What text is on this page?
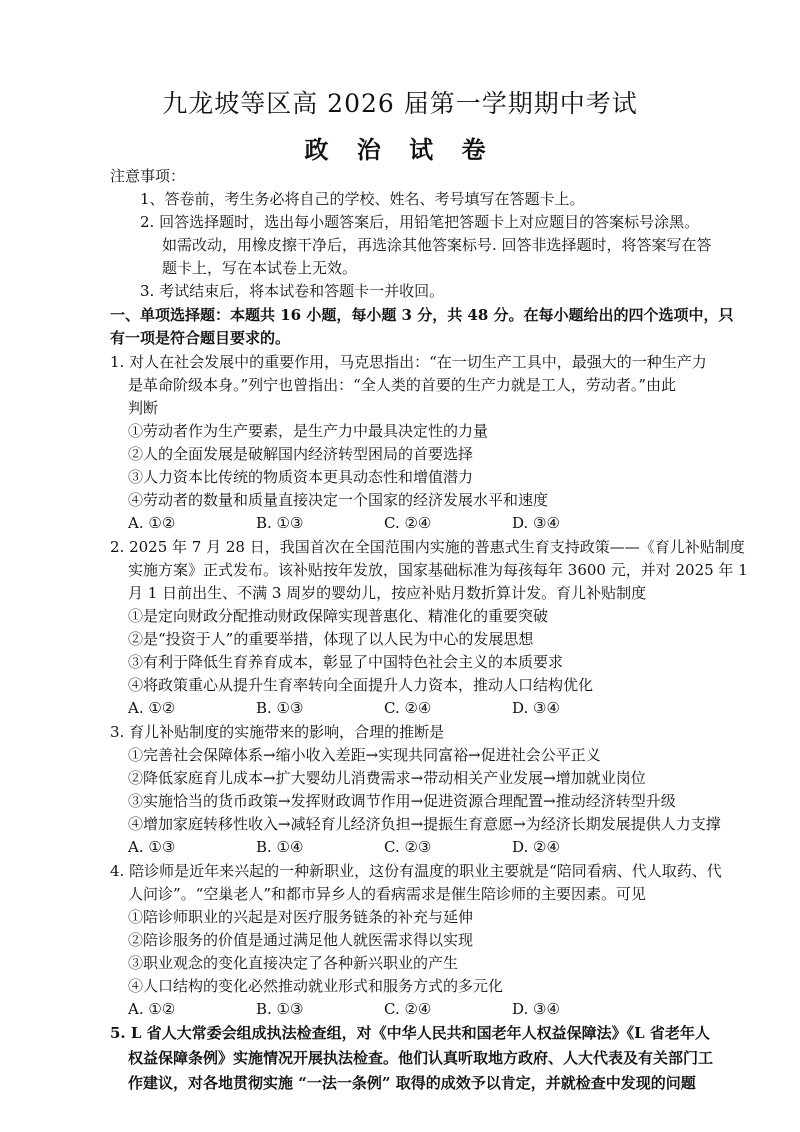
九龙坡等区高 2026 届第一学期期中考试
政 治 试 卷
注意事项：
1、答卷前，考生务必将自己的学校、姓名、考号填写在答题卡上。
2. 回答选择题时，选出每小题答案后，用铅笔把答题卡上对应题目的答案标号涂黑。
如需改动，用橡皮擦干净后，再选涂其他答案标号. 回答非选择题时，将答案写在答
题卡上，写在本试卷上无效。
3. 考试结束后，将本试卷和答题卡一并收回。
一、单项选择题：本题共 16 小题，每小题 3 分，共 48 分。在每小题给出的四个选项中，只
有一项是符合题目要求的。
1. 对人在社会发展中的重要作用，马克思指出：“在一切生产工具中，最强大的一种生产力
是革命阶级本身。”列宁也曾指出：“全人类的首要的生产力就是工人，劳动者。”由此
判断
①劳动者作为生产要素，是生产力中最具决定性的力量
②人的全面发展是破解国内经济转型困局的首要选择
③人力资本比传统的物质资本更具动态性和增值潜力
④劳动者的数量和质量直接决定一个国家的经济发展水平和速度
A. ①②	B. ①③	C. ②④	D. ③④
2. 2025 年 7 月 28 日，我国首次在全国范围内实施的普惠式生育支持政策——《育儿补贴制度
实施方案》正式发布。该补贴按年发放，国家基础标准为每孩每年 3600 元，并对 2025 年 1
月 1 日前出生、不满 3 周岁的婴幼儿，按应补贴月数折算计发。育儿补贴制度
①是定向财政分配推动财政保障实现普惠化、精准化的重要突破
②是“投资于人”的重要举措，体现了以人民为中心的发展思想
③有利于降低生育养育成本，彰显了中国特色社会主义的本质要求
④将政策重心从提升生育率转向全面提升人力资本，推动人口结构优化
A. ①②	B. ①③	C. ②④	D. ③④
3. 育儿补贴制度的实施带来的影响，合理的推断是
①完善社会保障体系→缩小收入差距→实现共同富裕→促进社会公平正义
②降低家庭育儿成本→扩大婴幼儿消费需求→带动相关产业发展→增加就业岗位
③实施恰当的货币政策→发挥财政调节作用→促进资源合理配置→推动经济转型升级
④增加家庭转移性收入→减轻育儿经济负担→提振生育意愿→为经济长期发展提供人力支撑
A. ①③	B. ①④	C. ②③	D. ②④
4. 陪诊师是近年来兴起的一种新职业，这份有温度的职业主要就是“陪同看病、代人取药、代
人问诊”。“空巢老人”和都市异乡人的看病需求是催生陪诊师的主要因素。可见
①陪诊师职业的兴起是对医疗服务链条的补充与延伸
②陪诊服务的价值是通过满足他人就医需求得以实现
③职业观念的变化直接决定了各种新兴职业的产生
④人口结构的变化必然推动就业形式和服务方式的多元化
A. ①②	B. ①③	C. ②④	D. ③④
5. L 省人大常委会组成执法检查组，对《中华人民共和国老年人权益保障法》《L 省老年人
权益保障条例》实施情况开展执法检查。他们认真听取地方政府、人大代表及有关部门工
作建议，对各地贯彻实施 “一法一条例” 取得的成效予以肯定，并就检查中发现的问题
